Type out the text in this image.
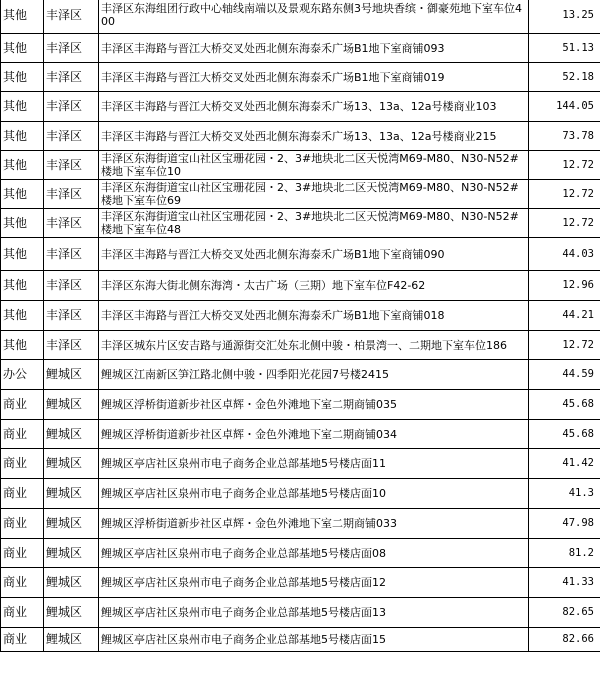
其他	丰泽区	丰泽区东海组团行政中心轴线南端以及景观东路东侧3号地块香缤・御豪苑地下室车位400	13.25
其他	丰泽区	丰泽区丰海路与晋江大桥交叉处西北侧东海泰禾广场B1地下室商铺093	51.13
其他	丰泽区	丰泽区丰海路与晋江大桥交叉处西北侧东海泰禾广场B1地下室商铺019	52.18
其他	丰泽区	丰泽区丰海路与晋江大桥交叉处西北侧东海泰禾广场13、13a、12a号楼商业103	144.05
其他	丰泽区	丰泽区丰海路与晋江大桥交叉处西北侧东海泰禾广场13、13a、12a号楼商业215	73.78
其他	丰泽区	丰泽区东海街道宝山社区宝珊花园・2、3#地块北二区天悦湾M69-M80、N30-N52#楼地下室车位10	12.72
其他	丰泽区	丰泽区东海街道宝山社区宝珊花园・2、3#地块北二区天悦湾M69-M80、N30-N52#楼地下室车位69	12.72
其他	丰泽区	丰泽区东海街道宝山社区宝珊花园・2、3#地块北二区天悦湾M69-M80、N30-N52#楼地下室车位48	12.72
其他	丰泽区	丰泽区丰海路与晋江大桥交叉处西北侧东海泰禾广场B1地下室商铺090	44.03
其他	丰泽区	丰泽区东海大街北侧东海湾・太古广场（三期）地下室车位F42-62	12.96
其他	丰泽区	丰泽区丰海路与晋江大桥交叉处西北侧东海泰禾广场B1地下室商铺018	44.21
其他	丰泽区	丰泽区城东片区安吉路与通源街交汇处东北侧中骏・柏景湾一、二期地下室车位186	12.72
办公	鲤城区	鲤城区江南新区笋江路北侧中骏・四季阳光花园7号楼2415	44.59
商业	鲤城区	鲤城区浮桥街道新步社区卓辉・金色外滩地下室二期商铺035	45.68
商业	鲤城区	鲤城区浮桥街道新步社区卓辉・金色外滩地下室二期商铺034	45.68
商业	鲤城区	鲤城区亭店社区泉州市电子商务企业总部基地5号楼店面11	41.42
商业	鲤城区	鲤城区亭店社区泉州市电子商务企业总部基地5号楼店面10	41.3
商业	鲤城区	鲤城区浮桥街道新步社区卓辉・金色外滩地下室二期商铺033	47.98
商业	鲤城区	鲤城区亭店社区泉州市电子商务企业总部基地5号楼店面08	81.2
商业	鲤城区	鲤城区亭店社区泉州市电子商务企业总部基地5号楼店面12	41.33
商业	鲤城区	鲤城区亭店社区泉州市电子商务企业总部基地5号楼店面13	82.65
商业	鲤城区	鲤城区亭店社区泉州市电子商务企业总部基地5号楼店面15	82.66
